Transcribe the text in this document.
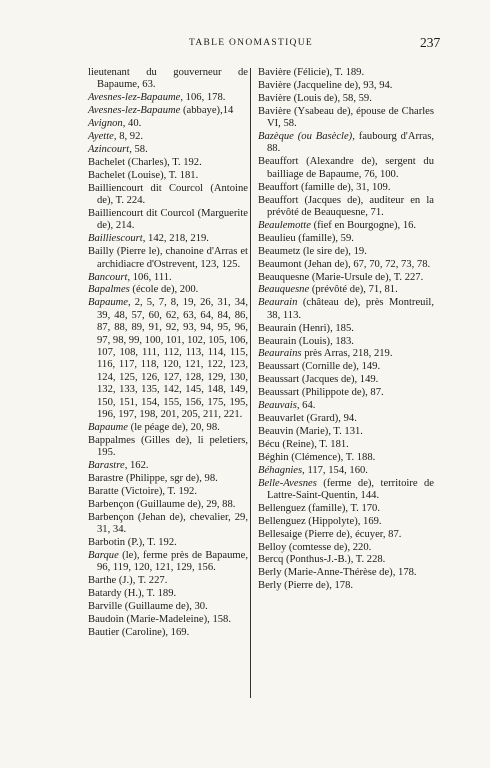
TABLE ONOMASTIQUE	237

lieutenant du gouverneur de Bapaume, 63.

Avesnes-lez-Bapaume, 106, 178.

Avesnes-lez-Bapaume (abbaye),14

Avignon, 40.

Ayette, 8, 92.

Azincourt, 58.

Bachelet (Charles), T. 192.

Bachelet (Louise), T. 181.

Bailliencourt dit Courcol (Antoine de), T. 224.

Bailliencourt dit Courcol (Marguerite de), 214.

Bailliescourt, 142, 218, 219.

Bailly (Pierre le), chanoine d'Arras et archidiacre d'Ostrevent, 123, 125.

Bancourt, 106, 111.

Bapalmes (école de), 200.

Bapaume, 2, 5, 7, 8, 19, 26, 31, 34, 39, 48, 57, 60, 62, 63, 64, 84, 86, 87, 88, 89, 91, 92, 93, 94, 95, 96, 97, 98, 99, 100, 101, 102, 105, 106, 107, 108, 111, 112, 113, 114, 115, 116, 117, 118, 120, 121, 122, 123, 124, 125, 126, 127, 128, 129, 130, 132, 133, 135, 142, 145, 148, 149, 150, 151, 154, 155, 156, 175, 195, 196, 197, 198, 201, 205, 211, 221.

Bapaume (le péage de), 20, 98.

Bappalmes (Gilles de), li peletiers, 195.

Barastre, 162.

Barastre (Philippe, sgr de), 98.

Baratte (Victoire), T. 192.

Barbençon (Guillaume de), 29, 88.

Barbençon (Jehan de), chevalier, 29, 31, 34.

Barbotin (P.), T. 192.

Barque (le), ferme près de Bapaume, 96, 119, 120, 121, 129, 156.

Barthe (J.), T. 227.

Batardy (H.), T. 189.

Barville (Guillaume de), 30.

Baudoin (Marie-Madeleine), 158.

Bautier (Caroline), 169.

Bavière (Félicie), T. 189.

Bavière (Jacqueline de), 93, 94.

Bavière (Louis de), 58, 59.

Bavière (Ysabeau de), épouse de Charles VI, 58.

Bazèque (ou Basècle), faubourg d'Arras, 88.

Beauffort (Alexandre de), sergent du bailliage de Bapaume, 76, 100.

Beauffort (famille de), 31, 109.

Beauffort (Jacques de), auditeur en la prévôté de Beauquesne, 71.

Beaulemotte (fief en Bourgogne), 16.

Beaulieu (famille), 59.

Beaumetz (le sire de), 19.

Beaumont (Jehan de), 67, 70, 72, 73, 78.

Beauquesne (Marie-Ursule de), T. 227.

Beauquesne (prévôté de), 71, 81.

Beaurain (château de), près Montreuil, 38, 113.

Beaurain (Henri), 185.

Beaurain (Louis), 183.

Beaurains près Arras, 218, 219.

Beaussart (Cornille de), 149.

Beaussart (Jacques de), 149.

Beaussart (Philippote de), 87.

Beauvais, 64.

Beauvarlet (Grard), 94.

Beauvin (Marie), T. 131.

Bécu (Reine), T. 181.

Béghin (Clémence), T. 188.

Béhagnies, 117, 154, 160.

Belle-Avesnes (ferme de), territoire de Lattre-Saint-Quentin, 144.

Bellenguez (famille), T. 170.

Bellenguez (Hippolyte), 169.

Bellesaige (Pierre de), écuyer, 87.

Belloy (comtesse de), 220.

Bercq (Ponthus-J.-B.), T. 228.

Berly (Marie-Anne-Thérèse de), 178.

Berly (Pierre de), 178.
